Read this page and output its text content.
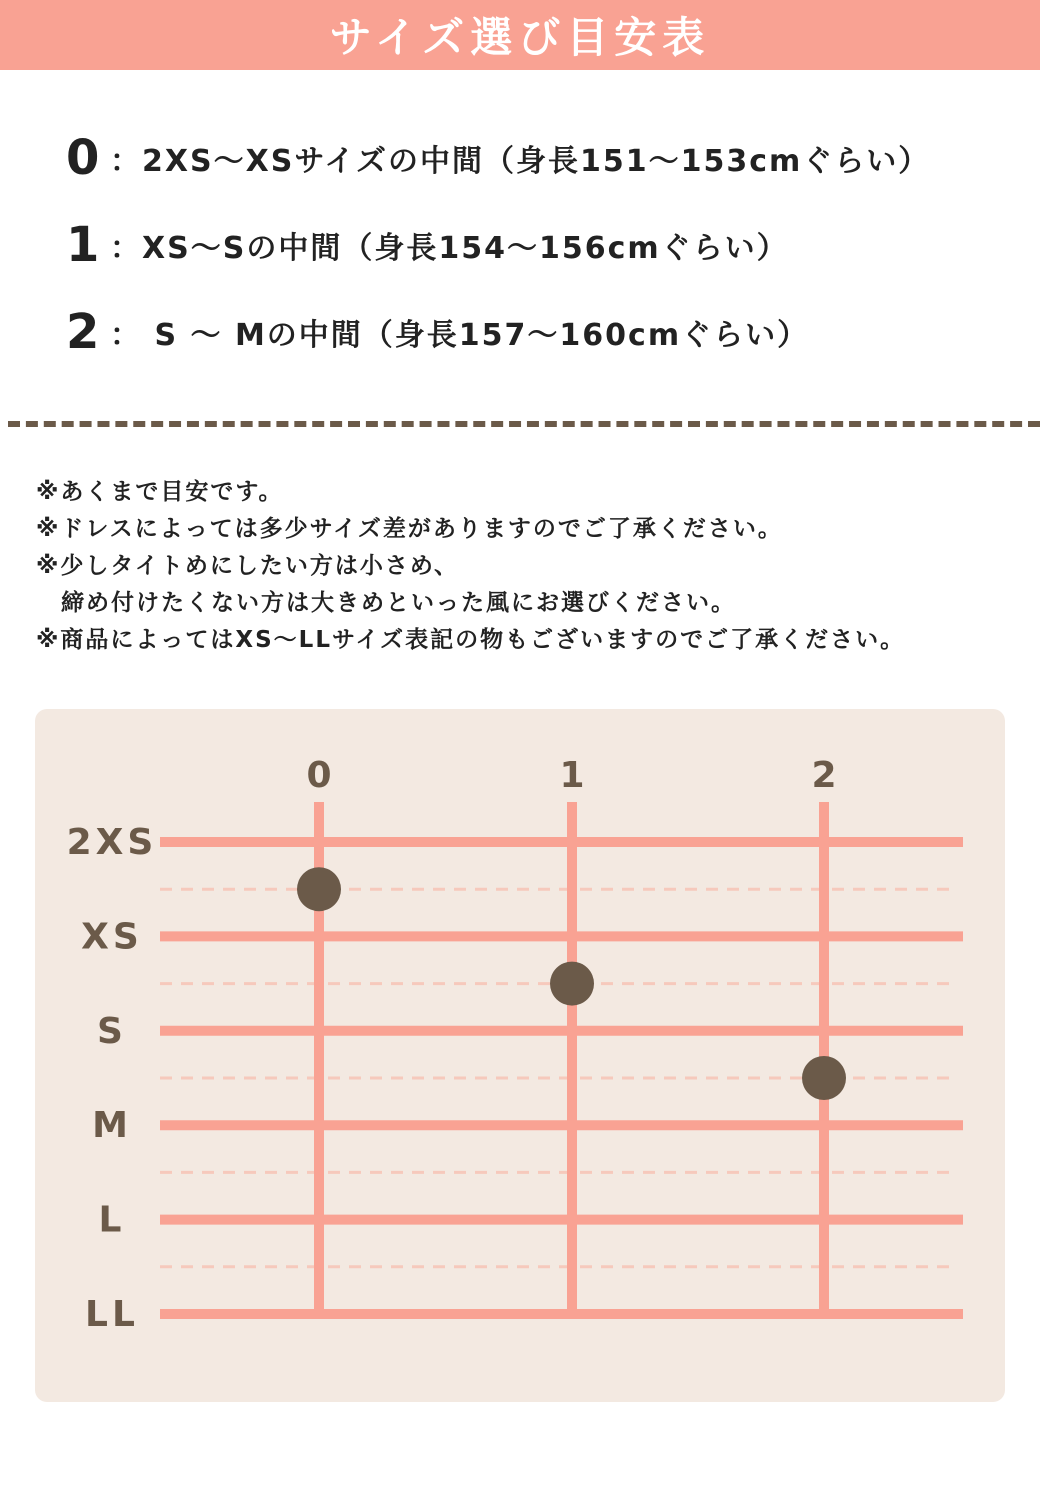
サイズ選び目安表
0 ：2XS～XSサイズの中間（身長151～153cmぐらい）
1 ：XS～Sの中間（身長154～156cmぐらい）
2 ： S ～ Mの中間（身長157～160cmぐらい）
※あくまで目安です。
※ドレスによっては多少サイズ差がありますのでご了承ください。
※少しタイトめにしたい方は小さめ、
　締め付けたくない方は大きめといった風にお選びください。
※商品によってはXS～LLサイズ表記の物もございますのでご了承ください。
2XS
XS
S
M
L
LL
0	1	2
